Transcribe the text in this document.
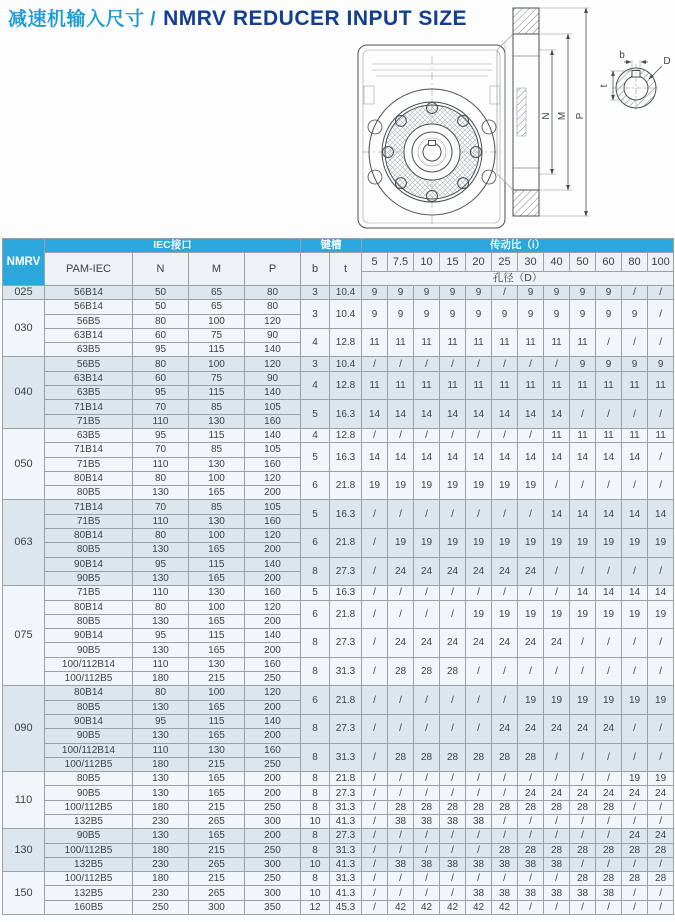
N M P
b
D
t
减速机输入尺寸 / NMRV REDUCER INPUT SIZE
NMRV	IEC接口				键槽		传动比（i）											
	PAM-IEC	N	M	P	b	t	5	7.5	10	15	20	25	30	40	50	60	80	100
							孔径（D）											
025	56B14	50	65	80	3	10.4	9	9	9	9	9	/	9	9	9	9	/	/
030	56B14	50	65	80	3	10.4	9	9	9	9	9	9	9	9	9	9	9	/
	56B5	80	100	120														
	63B14	60	75	90	4	12.8	11	11	11	11	11	11	11	11	11	/	/	/
	63B5	95	115	140														
040	56B5	80	100	120	3	10.4	/	/	/	/	/	/	/	/	9	9	9	9
	63B14	60	75	90	4	12.8	11	11	11	11	11	11	11	11	11	11	11	11
	63B5	95	115	140														
	71B14	70	85	105	5	16.3	14	14	14	14	14	14	14	14	/	/	/	/
	71B5	110	130	160														
050	63B5	95	115	140	4	12.8	/	/	/	/	/	/	/	11	11	11	11	11
	71B14	70	85	105	5	16.3	14	14	14	14	14	14	14	14	14	14	14	/
	71B5	110	130	160														
	80B14	80	100	120	6	21.8	19	19	19	19	19	19	19	/	/	/	/	/
	80B5	130	165	200														
063	71B14	70	85	105	5	16.3	/	/	/	/	/	/	/	14	14	14	14	14
	71B5	110	130	160														
	80B14	80	100	120	6	21.8	/	19	19	19	19	19	19	19	19	19	19	19
	80B5	130	165	200														
	90B14	95	115	140	8	27.3	/	24	24	24	24	24	24	/	/	/	/	/
	90B5	130	165	200														
075	71B5	110	130	160	5	16.3	/	/	/	/	/	/	/	/	14	14	14	14
	80B14	80	100	120	6	21.8	/	/	/	/	19	19	19	19	19	19	19	19
	80B5	130	165	200														
	90B14	95	115	140	8	27.3	/	24	24	24	24	24	24	24	/	/	/	/
	90B5	130	165	200														
	100/112B14	110	130	160	8	31.3	/	28	28	28	/	/	/	/	/	/	/	/
	100/112B5	180	215	250														
090	80B14	80	100	120	6	21.8	/	/	/	/	/	/	19	19	19	19	19	19
	80B5	130	165	200														
	90B14	95	115	140	8	27.3	/	/	/	/	/	24	24	24	24	24	/	/
	90B5	130	165	200														
	100/112B14	110	130	160	8	31.3	/	28	28	28	28	28	28	/	/	/	/	/
	100/112B5	180	215	250														
110	80B5	130	165	200	8	21.8	/	/	/	/	/	/	/	/	/	/	19	19
	90B5	130	165	200	8	27.3	/	/	/	/	/	/	24	24	24	24	24	24
	100/112B5	180	215	250	8	31.3	/	28	28	28	28	28	28	28	28	28	/	/
	132B5	230	265	300	10	41.3	/	38	38	38	38	/	/	/	/	/	/	/
130	90B5	130	165	200	8	27.3	/	/	/	/	/	/	/	/	/	/	24	24
	100/112B5	180	215	250	8	31.3	/	/	/	/	/	28	28	28	28	28	28	28
	132B5	230	265	300	10	41.3	/	38	38	38	38	38	38	38	/	/	/	/
150	100/112B5	180	215	250	8	31.3	/	/	/	/	/	/	/	/	28	28	28	28
	132B5	230	265	300	10	41.3	/	/	/	/	38	38	38	38	38	38	/	/
	160B5	250	300	350	12	45.3	/	42	42	42	42	42	/	/	/	/	/	/
